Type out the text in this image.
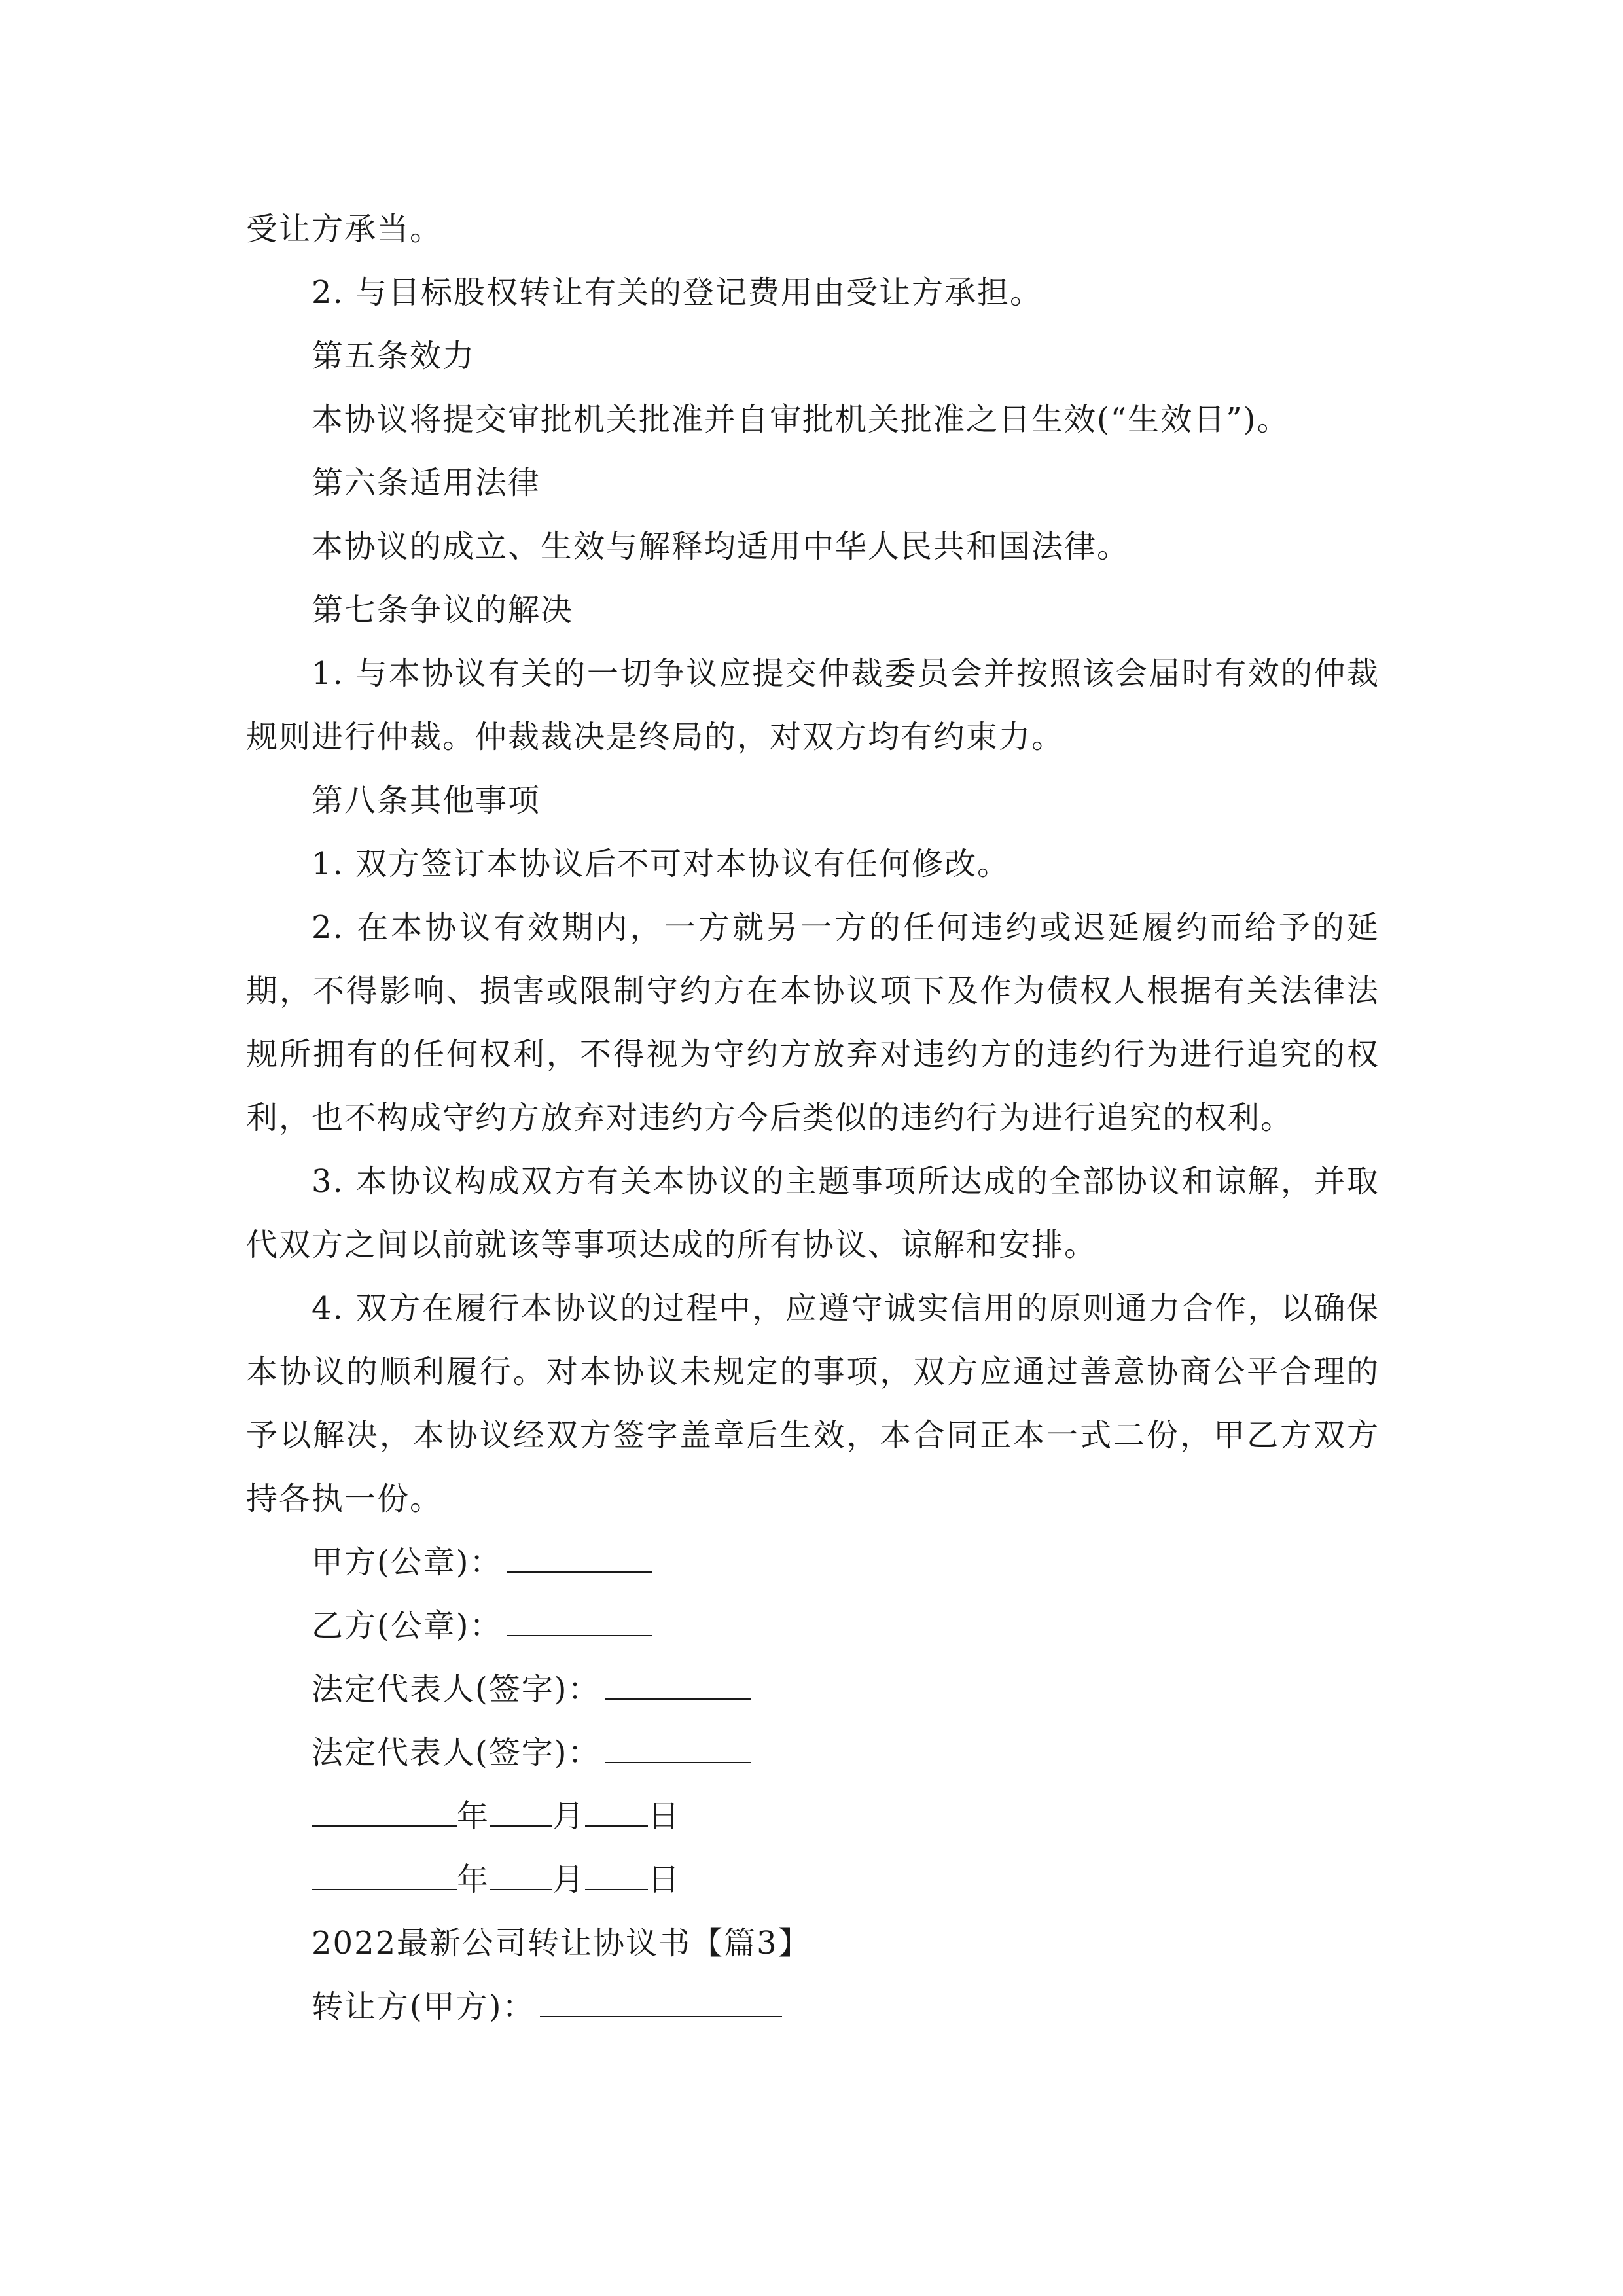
受让方承当。

2. 与目标股权转让有关的登记费用由受让方承担。

第五条效力

本协议将提交审批机关批准并自审批机关批准之日生效(“生效日”)。

第六条适用法律

本协议的成立、生效与解释均适用中华人民共和国法律。

第七条争议的解决

1. 与本协议有关的一切争议应提交仲裁委员会并按照该会届时有效的仲裁规则进行仲裁。仲裁裁决是终局的，对双方均有约束力。

第八条其他事项

1. 双方签订本协议后不可对本协议有任何修改。

2. 在本协议有效期内，一方就另一方的任何违约或迟延履约而给予的延期，不得影响、损害或限制守约方在本协议项下及作为债权人根据有关法律法规所拥有的任何权利，不得视为守约方放弃对违约方的违约行为进行追究的权利，也不构成守约方放弃对违约方今后类似的违约行为进行追究的权利。

3. 本协议构成双方有关本协议的主题事项所达成的全部协议和谅解，并取代双方之间以前就该等事项达成的所有协议、谅解和安排。

4. 双方在履行本协议的过程中，应遵守诚实信用的原则通力合作，以确保本协议的顺利履行。对本协议未规定的事项，双方应通过善意协商公平合理的予以解决，本协议经双方签字盖章后生效，本合同正本一式二份，甲乙方双方持各执一份。

甲方(公章)：

乙方(公章)：

法定代表人(签字)：

法定代表人(签字)：

年 月 日

年 月 日

2022最新公司转让协议书【篇3】

转让方(甲方)：
